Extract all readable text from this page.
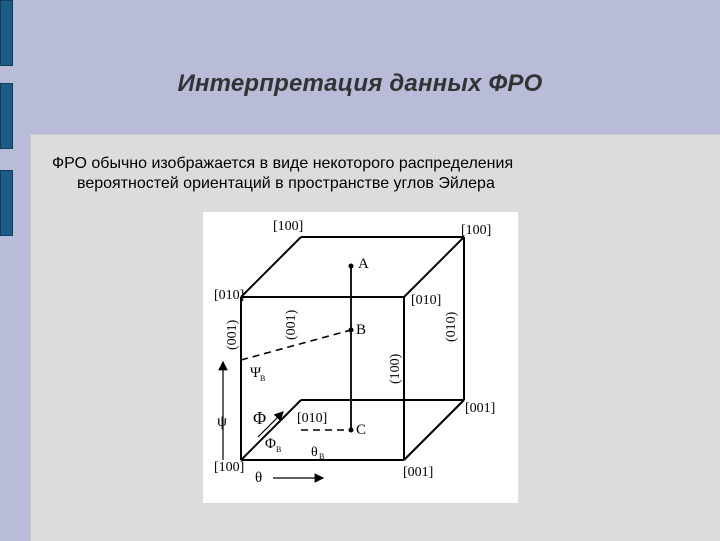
Интерпретация данных ФРО
ФРО обычно изображается в виде некоторого распределения
вероятностей ориентаций в пространстве углов Эйлера
[100]	[100]
[010]	[010]
(001)	(001)	(010)
(100)
[001]
[010]
[100]	[001]
A
B
C
ψ
Ψ
B
Φ
Φ B
θ
θ B
